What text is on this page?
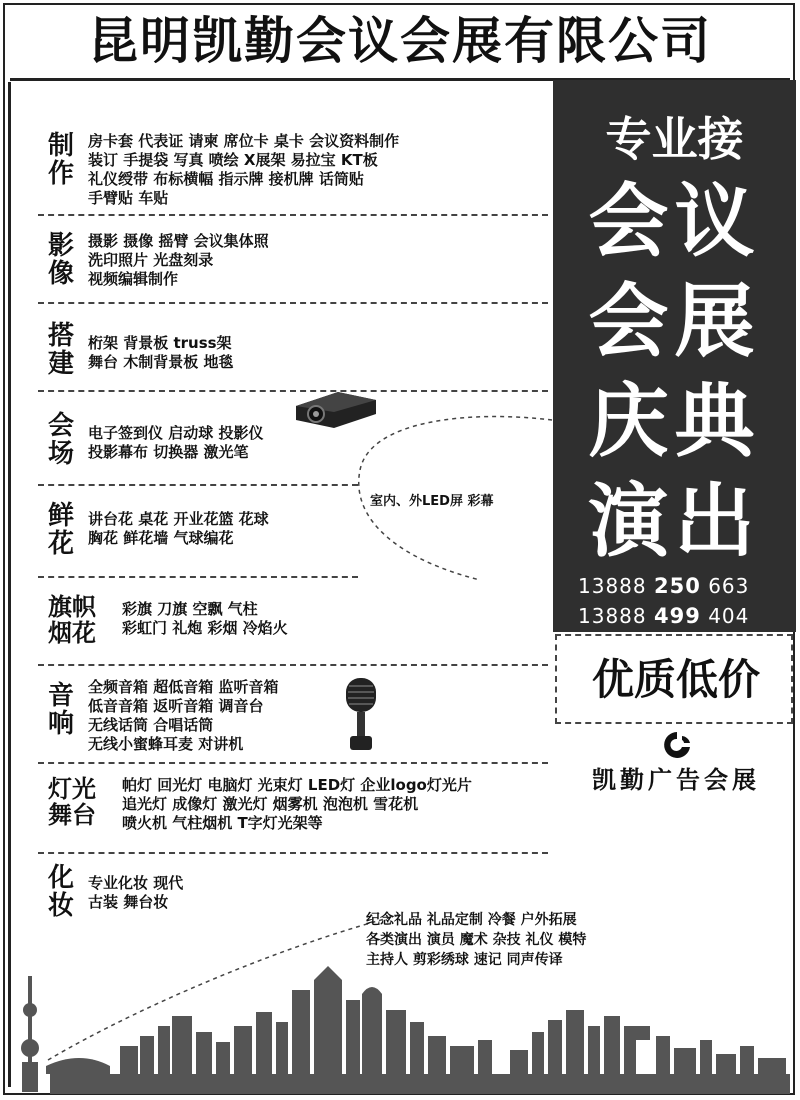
昆明凯勤会议会展有限公司
制作
房卡套 代表证 请柬 席位卡 桌卡 会议资料制作
装订 手提袋 写真 喷绘 X展架 易拉宝 KT板
礼仪绶带 布标横幅 指示牌 接机牌 话筒贴
手臂贴 车贴
影像
摄影 摄像 摇臂 会议集体照
洗印照片 光盘刻录
视频编辑制作
搭建
桁架 背景板 truss架
舞台 木制背景板 地毯
会场
电子签到仪 启动球 投影仪
投影幕布 切换器 激光笔
鲜花
讲台花 桌花 开业花篮 花球
胸花 鲜花墙 气球编花
旗帜烟花
彩旗 刀旗 空飘 气柱
彩虹门 礼炮 彩烟 冷焰火
音响
全频音箱 超低音箱 监听音箱
低音音箱 返听音箱 调音台
无线话筒 合唱话筒
无线小蜜蜂耳麦 对讲机
灯光舞台
帕灯 回光灯 电脑灯 光束灯 LED灯 企业logo灯光片
追光灯 成像灯 激光灯 烟雾机 泡泡机 雪花机
喷火机 气柱烟机 T字灯光架等
化妆
专业化妆 现代
古装 舞台妆
室内、外LED屏 彩幕
专业接
会议
会展
庆典
演出
13888 250 663
13888 499 404
优质低价
凯勤广告会展
纪念礼品 礼品定制 冷餐 户外拓展
各类演出 演员 魔术 杂技 礼仪 模特
主持人 剪彩绣球 速记 同声传译
